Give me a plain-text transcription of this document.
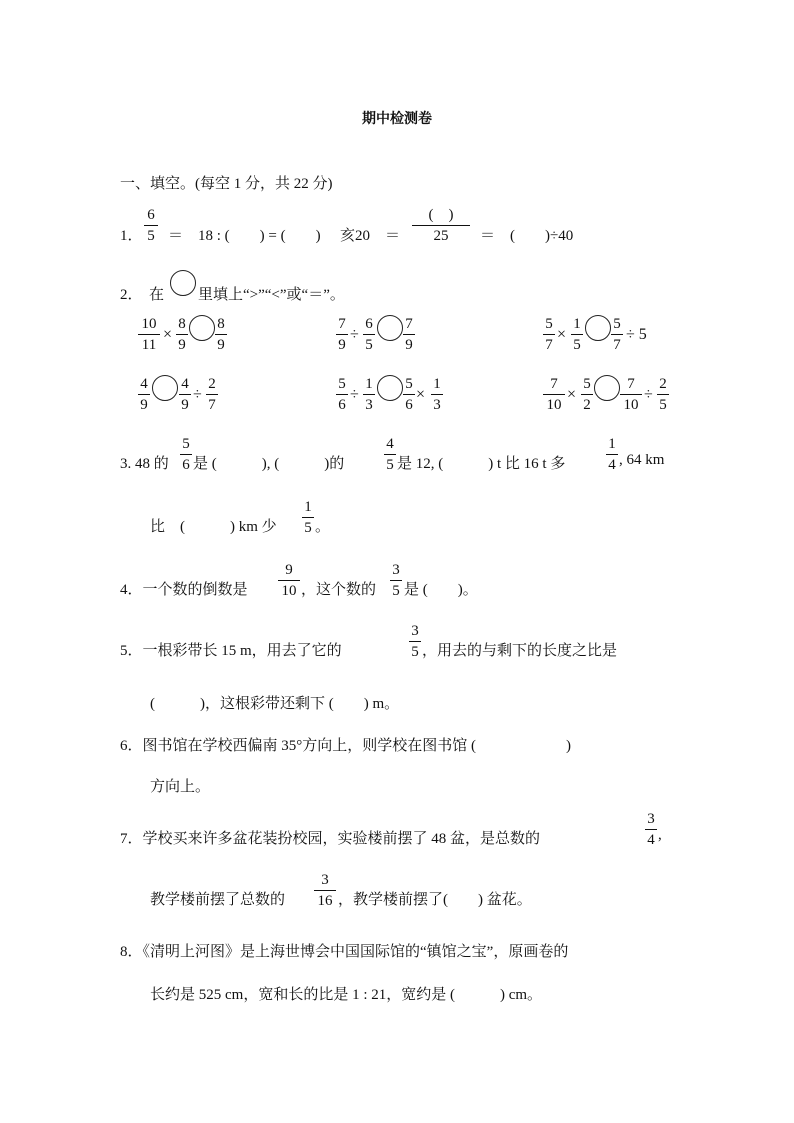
期中检测卷
一、填空。(每空 1 分，共 22 分)
1．
6
5 ＝　18 : (　　) = (　　) 亥20 ＝
(　)
25	＝　(　　)÷40
2． 在 里填上“>”“<”或“＝”。
10
11
×
8
9
8
9
7
9
÷
6
5
7
9
5
7
×
1
5
5
7
÷ 5
4
9
4
9
÷
2
7
5
6
÷
1
3
5
6
×
1
3
7
10
×
5
2
7
10
÷
2
5
3. 48 的
5
6 是 (　　　), (　　　)的
4
5 是 12, (　　　) t 比 16 t 多
1
4 , 64 km
比　(　　　) km 少
1
5 。
4．一个数的倒数是
9
10 ，这个数的
3
5 是 (　　)。
5．一根彩带长 15 m，用去了它的
3
5 ，用去的与剩下的长度之比是
(　　　)，这根彩带还剩下 (　　) m。
6．图书馆在学校西偏南 35°方向上，则学校在图书馆 (　　　　　　)
方向上。
7．学校买来许多盆花装扮校园，实验楼前摆了 48 盆，是总数的
3
4 ,
教学楼前摆了总数的
3
16 ，教学楼前摆了(　　) 盆花。
8．《清明上河图》是上海世博会中国国际馆的“镇馆之宝”，原画卷的
长约是 525 cm，宽和长的比是 1 : 21，宽约是 (　　　) cm。
